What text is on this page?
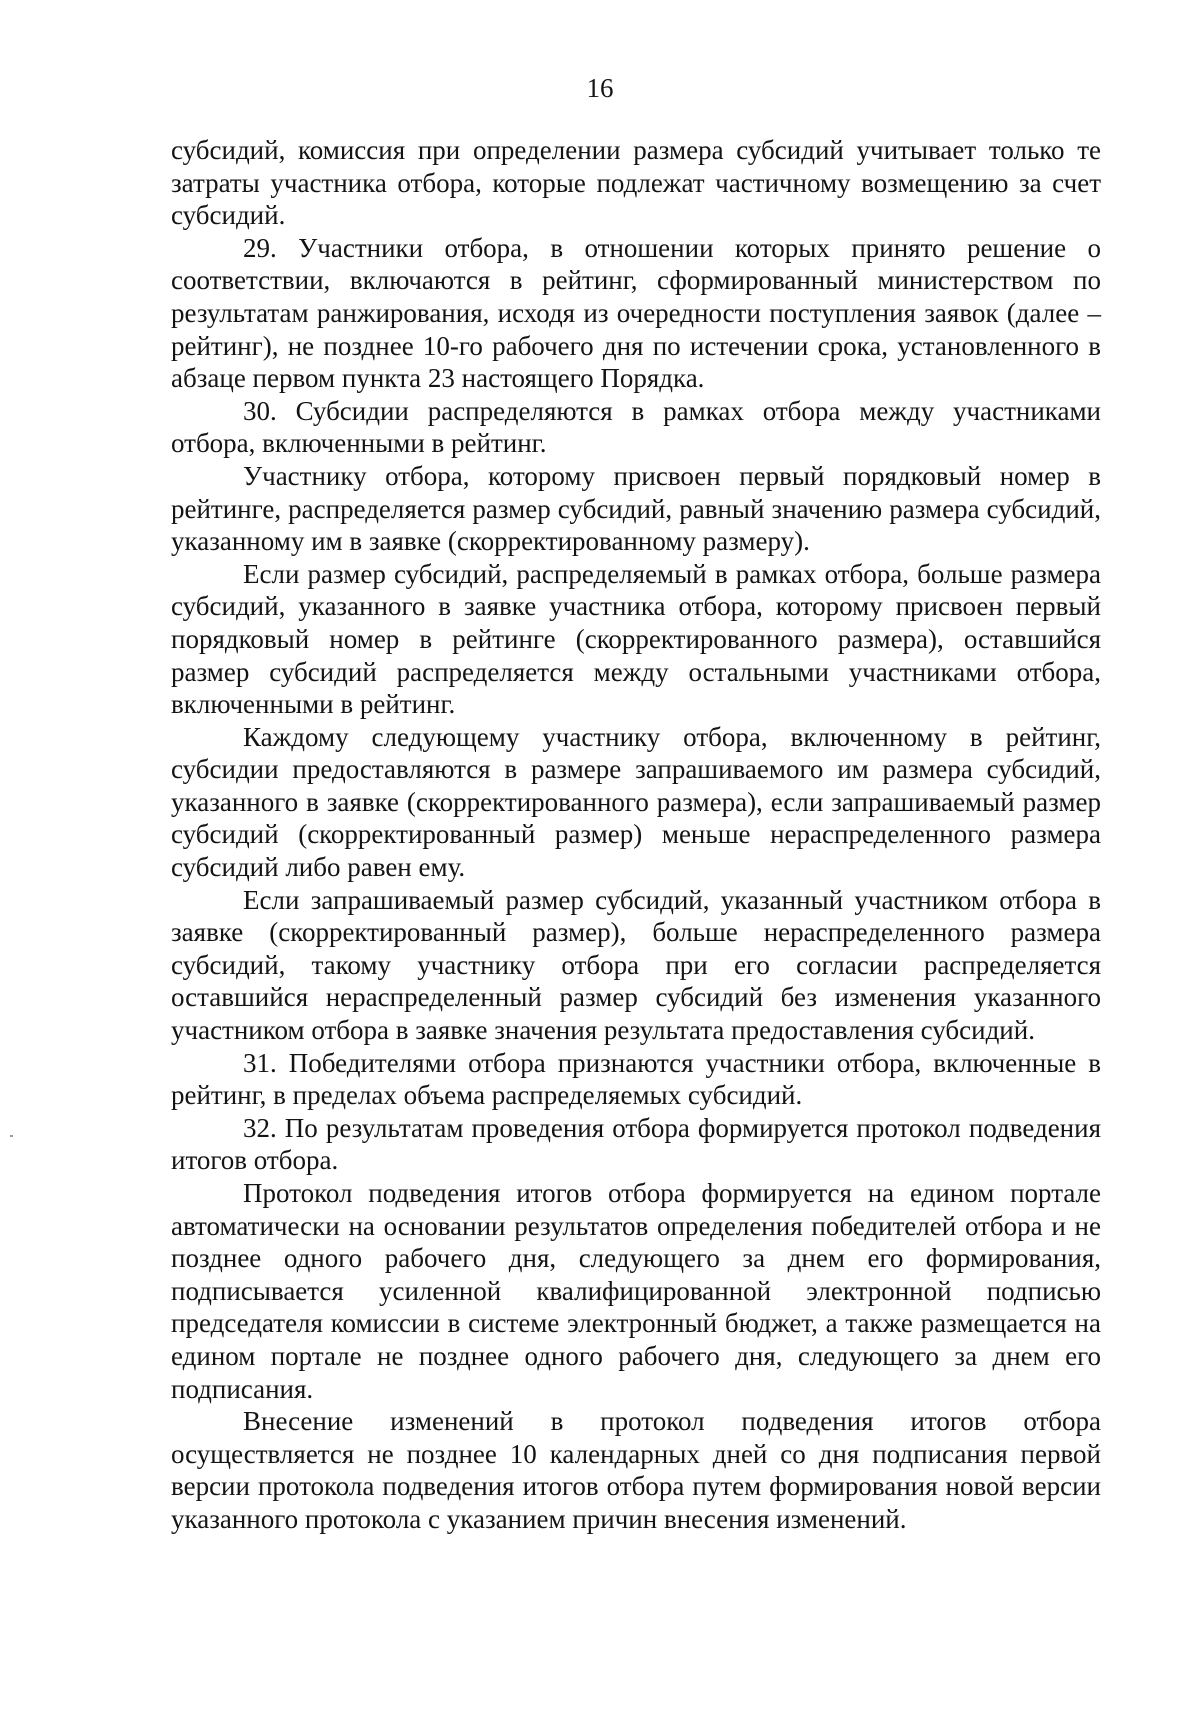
16

субсидий, комиссия при определении размера субсидий учитывает только те затраты участника отбора, которые подлежат частичному возмещению за счет субсидий.

29. Участники отбора, в отношении которых принято решение о соответствии, включаются в рейтинг, сформированный министерством по результатам ранжирования, исходя из очередности поступления заявок (далее – рейтинг), не позднее 10-го рабочего дня по истечении срока, установленного в абзаце первом пункта 23 настоящего Порядка.

30. Субсидии распределяются в рамках отбора между участниками отбора, включенными в рейтинг.

Участнику отбора, которому присвоен первый порядковый номер в рейтинге, распределяется размер субсидий, равный значению размера субсидий, указанному им в заявке (скорректированному размеру).

Если размер субсидий, распределяемый в рамках отбора, больше размера субсидий, указанного в заявке участника отбора, которому присвоен первый порядковый номер в рейтинге (скорректированного размера), оставшийся размер субсидий распределяется между остальными участниками отбора, включенными в рейтинг.

Каждому следующему участнику отбора, включенному в рейтинг, субсидии предоставляются в размере запрашиваемого им размера субсидий, указанного в заявке (скорректированного размера), если запрашиваемый размер субсидий (скорректированный размер) меньше нераспределенного размера субсидий либо равен ему.

Если запрашиваемый размер субсидий, указанный участником отбора в заявке (скорректированный размер), больше нераспределенного размера субсидий, такому участнику отбора при его согласии распределяется оставшийся нераспределенный размер субсидий без изменения указанного участником отбора в заявке значения результата предоставления субсидий.

31. Победителями отбора признаются участники отбора, включенные в рейтинг, в пределах объема распределяемых субсидий.

32. По результатам проведения отбора формируется протокол подведения итогов отбора.

Протокол подведения итогов отбора формируется на едином портале автоматически на основании результатов определения победителей отбора и не позднее одного рабочего дня, следующего за днем его формирования, подписывается усиленной квалифицированной электронной подписью председателя комиссии в системе электронный бюджет, а также размещается на едином портале не позднее одного рабочего дня, следующего за днем его подписания.

Внесение изменений в протокол подведения итогов отбора осуществляется не позднее 10 календарных дней со дня подписания первой версии протокола подведения итогов отбора путем формирования новой версии указанного протокола с указанием причин внесения изменений.
